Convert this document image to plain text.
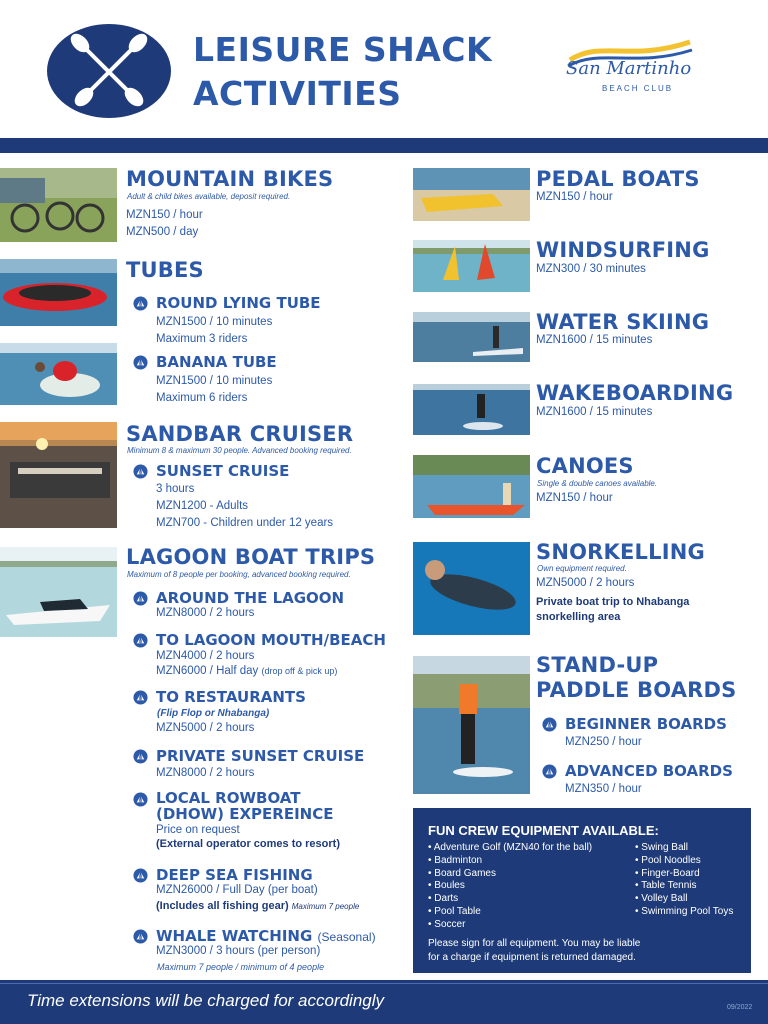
LEISURE SHACK
ACTIVITIES
San Martinho
BEACH CLUB
MOUNTAIN BIKES
Adult & child bikes available, deposit required.
MZN150 / hour
MZN500 / day
TUBES
ROUND LYING TUBE
MZN1500 / 10 minutes
Maximum 3 riders
BANANA TUBE
MZN1500 / 10 minutes
Maximum 6 riders
SANDBAR CRUISER
Minimum 8 & maximum 30 people. Advanced booking required.
SUNSET CRUISE
3 hours
MZN1200 - Adults
MZN700 - Children under 12 years
LAGOON BOAT TRIPS
Maximum of 8 people per booking, advanced booking required.
AROUND THE LAGOON
MZN8000 / 2 hours
TO LAGOON MOUTH/BEACH
MZN4000 / 2 hours
MZN6000 / Half day (drop off & pick up)
TO RESTAURANTS
(Flip Flop or Nhabanga)
MZN5000 / 2 hours
PRIVATE SUNSET CRUISE
MZN8000 / 2 hours
LOCAL ROWBOAT
(DHOW) EXPEREINCE
Price on request
(External operator comes to resort)
DEEP SEA FISHING
MZN26000 / Full Day (per boat)
(Includes all fishing gear) Maximum 7 people
WHALE WATCHING (Seasonal)
MZN3000 / 3 hours (per person)
Maximum 7 people / minimum of 4 people
PEDAL BOATS
MZN150 / hour
WINDSURFING
MZN300 / 30 minutes
WATER SKIING
MZN1600 / 15 minutes
WAKEBOARDING
MZN1600 / 15 minutes
CANOES
Single & double canoes available.
MZN150 / hour
SNORKELLING
Own equipment required.
MZN5000 / 2 hours
Private boat trip to Nhabanga
snorkelling area
STAND-UP
PADDLE BOARDS
BEGINNER BOARDS
MZN250 / hour
ADVANCED BOARDS
MZN350 / hour
FUN CREW EQUIPMENT AVAILABLE:
• Adventure Golf (MZN40 for the ball)
• Badminton
• Board Games
• Boules
• Darts
• Pool Table
• Soccer
• Swing Ball
• Pool Noodles
• Finger-Board
• Table Tennis
• Volley Ball
• Swimming Pool Toys
Please sign for all equipment. You may be liable
for a charge if equipment is returned damaged.
Time extensions will be charged for accordingly	09/2022
